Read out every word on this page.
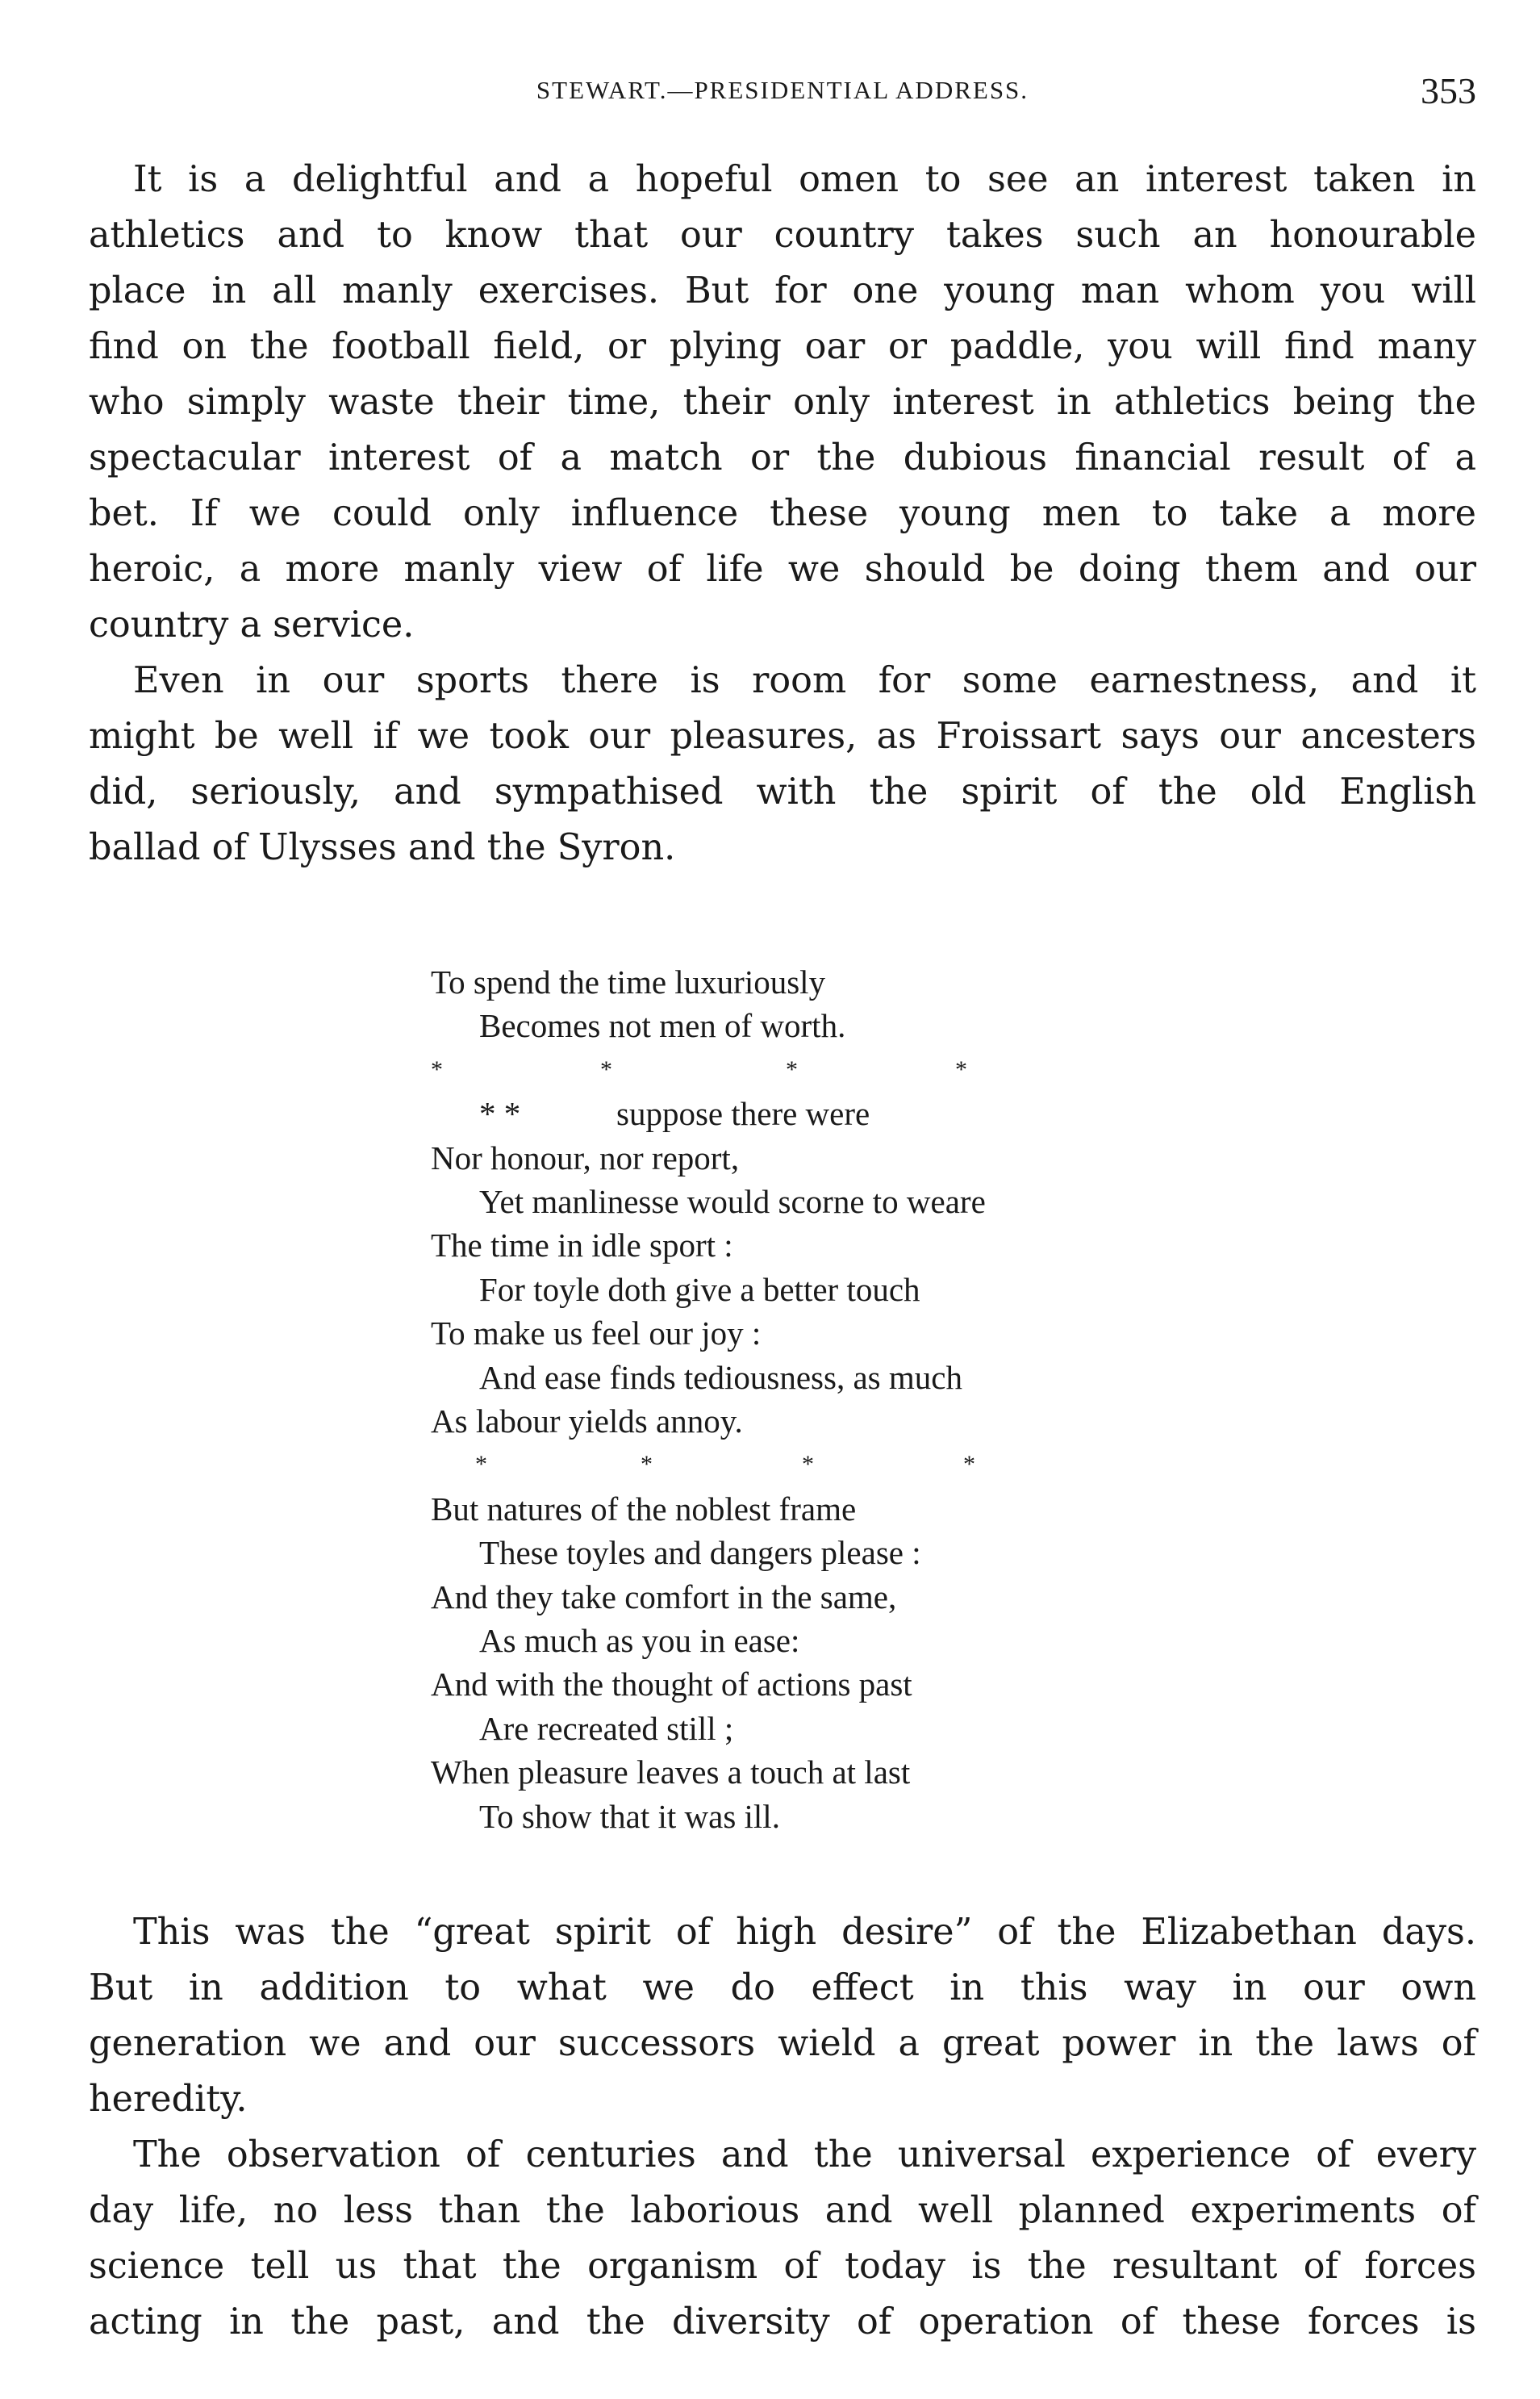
STEWART.—PRESIDENTIAL ADDRESS.	353
It is a delightful and a hopeful omen to see an interest taken in
athletics and to know that our country takes such an honourable
place in all manly exercises. But for one young man whom you will
find on the football field, or plying oar or paddle, you will find many
who simply waste their time, their only interest in athletics being the
spectacular interest of a match or the dubious financial result of a
bet. If we could only influence these young men to take a more
heroic, a more manly view of life we should be doing them and our
country a service.
Even in our sports there is room for some earnestness, and it
might be well if we took our pleasures, as Froissart says our ancesters
did, seriously, and sympathised with the spirit of the old English
ballad of Ulysses and the Syron.
To spend the time luxuriously
Becomes not men of worth.
*	*	*	*
* *	suppose there were
Nor honour, nor report,
Yet manlinesse would scorne to weare
The time in idle sport :
For toyle doth give a better touch
To make us feel our joy :
And ease finds tediousness, as much
As labour yields annoy.
*	*	*	*
But natures of the noblest frame
These toyles and dangers please :
And they take comfort in the same,
As much as you in ease:
And with the thought of actions past
Are recreated still ;
When pleasure leaves a touch at last
To show that it was ill.
This was the “great spirit of high desire” of the Elizabethan days.
But in addition to what we do effect in this way in our own
generation we and our successors wield a great power in the laws of
heredity.
The observation of centuries and the universal experience of every
day life, no less than the laborious and well planned experiments of
science tell us that the organism of today is the resultant of forces
acting in the past, and the diversity of operation of these forces is
